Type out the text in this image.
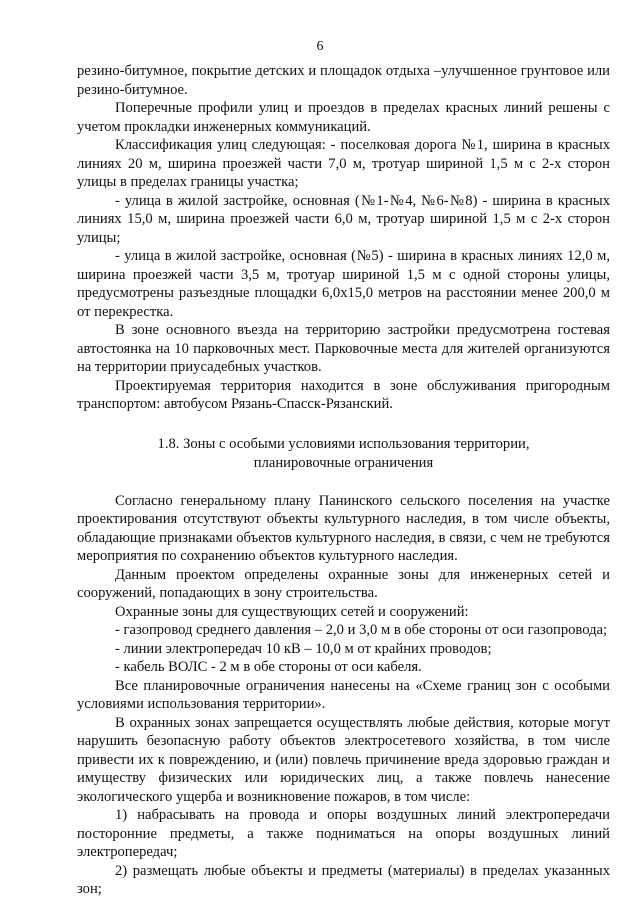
6

резино-битумное, покрытие детских и площадок отдыха –улучшенное грунтовое или резино-битумное.

Поперечные профили улиц и проездов в пределах красных линий решены с учетом прокладки инженерных коммуникаций.

Классификация улиц следующая: - поселковая дорога №1, ширина в красных линиях 20 м, ширина проезжей части 7,0 м, тротуар шириной 1,5 м с 2-х сторон улицы в пределах границы участка;

- улица в жилой застройке, основная (№1-№4, №6-№8) - ширина в красных линиях 15,0 м, ширина проезжей части 6,0 м, тротуар шириной 1,5 м с 2-х сторон улицы;

- улица в жилой застройке, основная (№5) - ширина в красных линиях 12,0 м, ширина проезжей части 3,5 м, тротуар шириной 1,5 м с одной стороны улицы, предусмотрены разъездные площадки 6,0х15,0 метров на расстоянии менее 200,0 м от перекрестка.

В зоне основного въезда на территорию застройки предусмотрена гостевая автостоянка на 10 парковочных мест. Парковочные места для жителей организуются на территории приусадебных участков.

Проектируемая территория находится в зоне обслуживания пригородным транспортом: автобусом Рязань-Спасск-Рязанский.

1.8. Зоны с особыми условиями использования территории,
планировочные ограничения

Согласно генеральному плану Панинского сельского поселения на участке проектирования отсутствуют объекты культурного наследия, в том числе объекты, обладающие признаками объектов культурного наследия, в связи, с чем не требуются мероприятия по сохранению объектов культурного наследия.

Данным проектом определены охранные зоны для инженерных сетей и сооружений, попадающих в зону строительства.

Охранные зоны для существующих сетей и сооружений:

- газопровод среднего давления – 2,0 и 3,0 м в обе стороны от оси газопровода;

- линии электропередач 10 кВ – 10,0 м от крайних проводов;

- кабель ВОЛС - 2 м в обе стороны от оси кабеля.

Все планировочные ограничения нанесены на «Схеме границ зон с особыми условиями использования территории».

В охранных зонах запрещается осуществлять любые действия, которые могут нарушить безопасную работу объектов электросетевого хозяйства, в том числе привести их к повреждению, и (или) повлечь причинение вреда здоровью граждан и имуществу физических или юридических лиц, а также повлечь нанесение экологического ущерба и возникновение пожаров, в том числе:

1) набрасывать на провода и опоры воздушных линий электропередачи посторонние предметы, а также подниматься на опоры воздушных линий электропередач;

2) размещать любые объекты и предметы (материалы) в пределах указанных зон;
